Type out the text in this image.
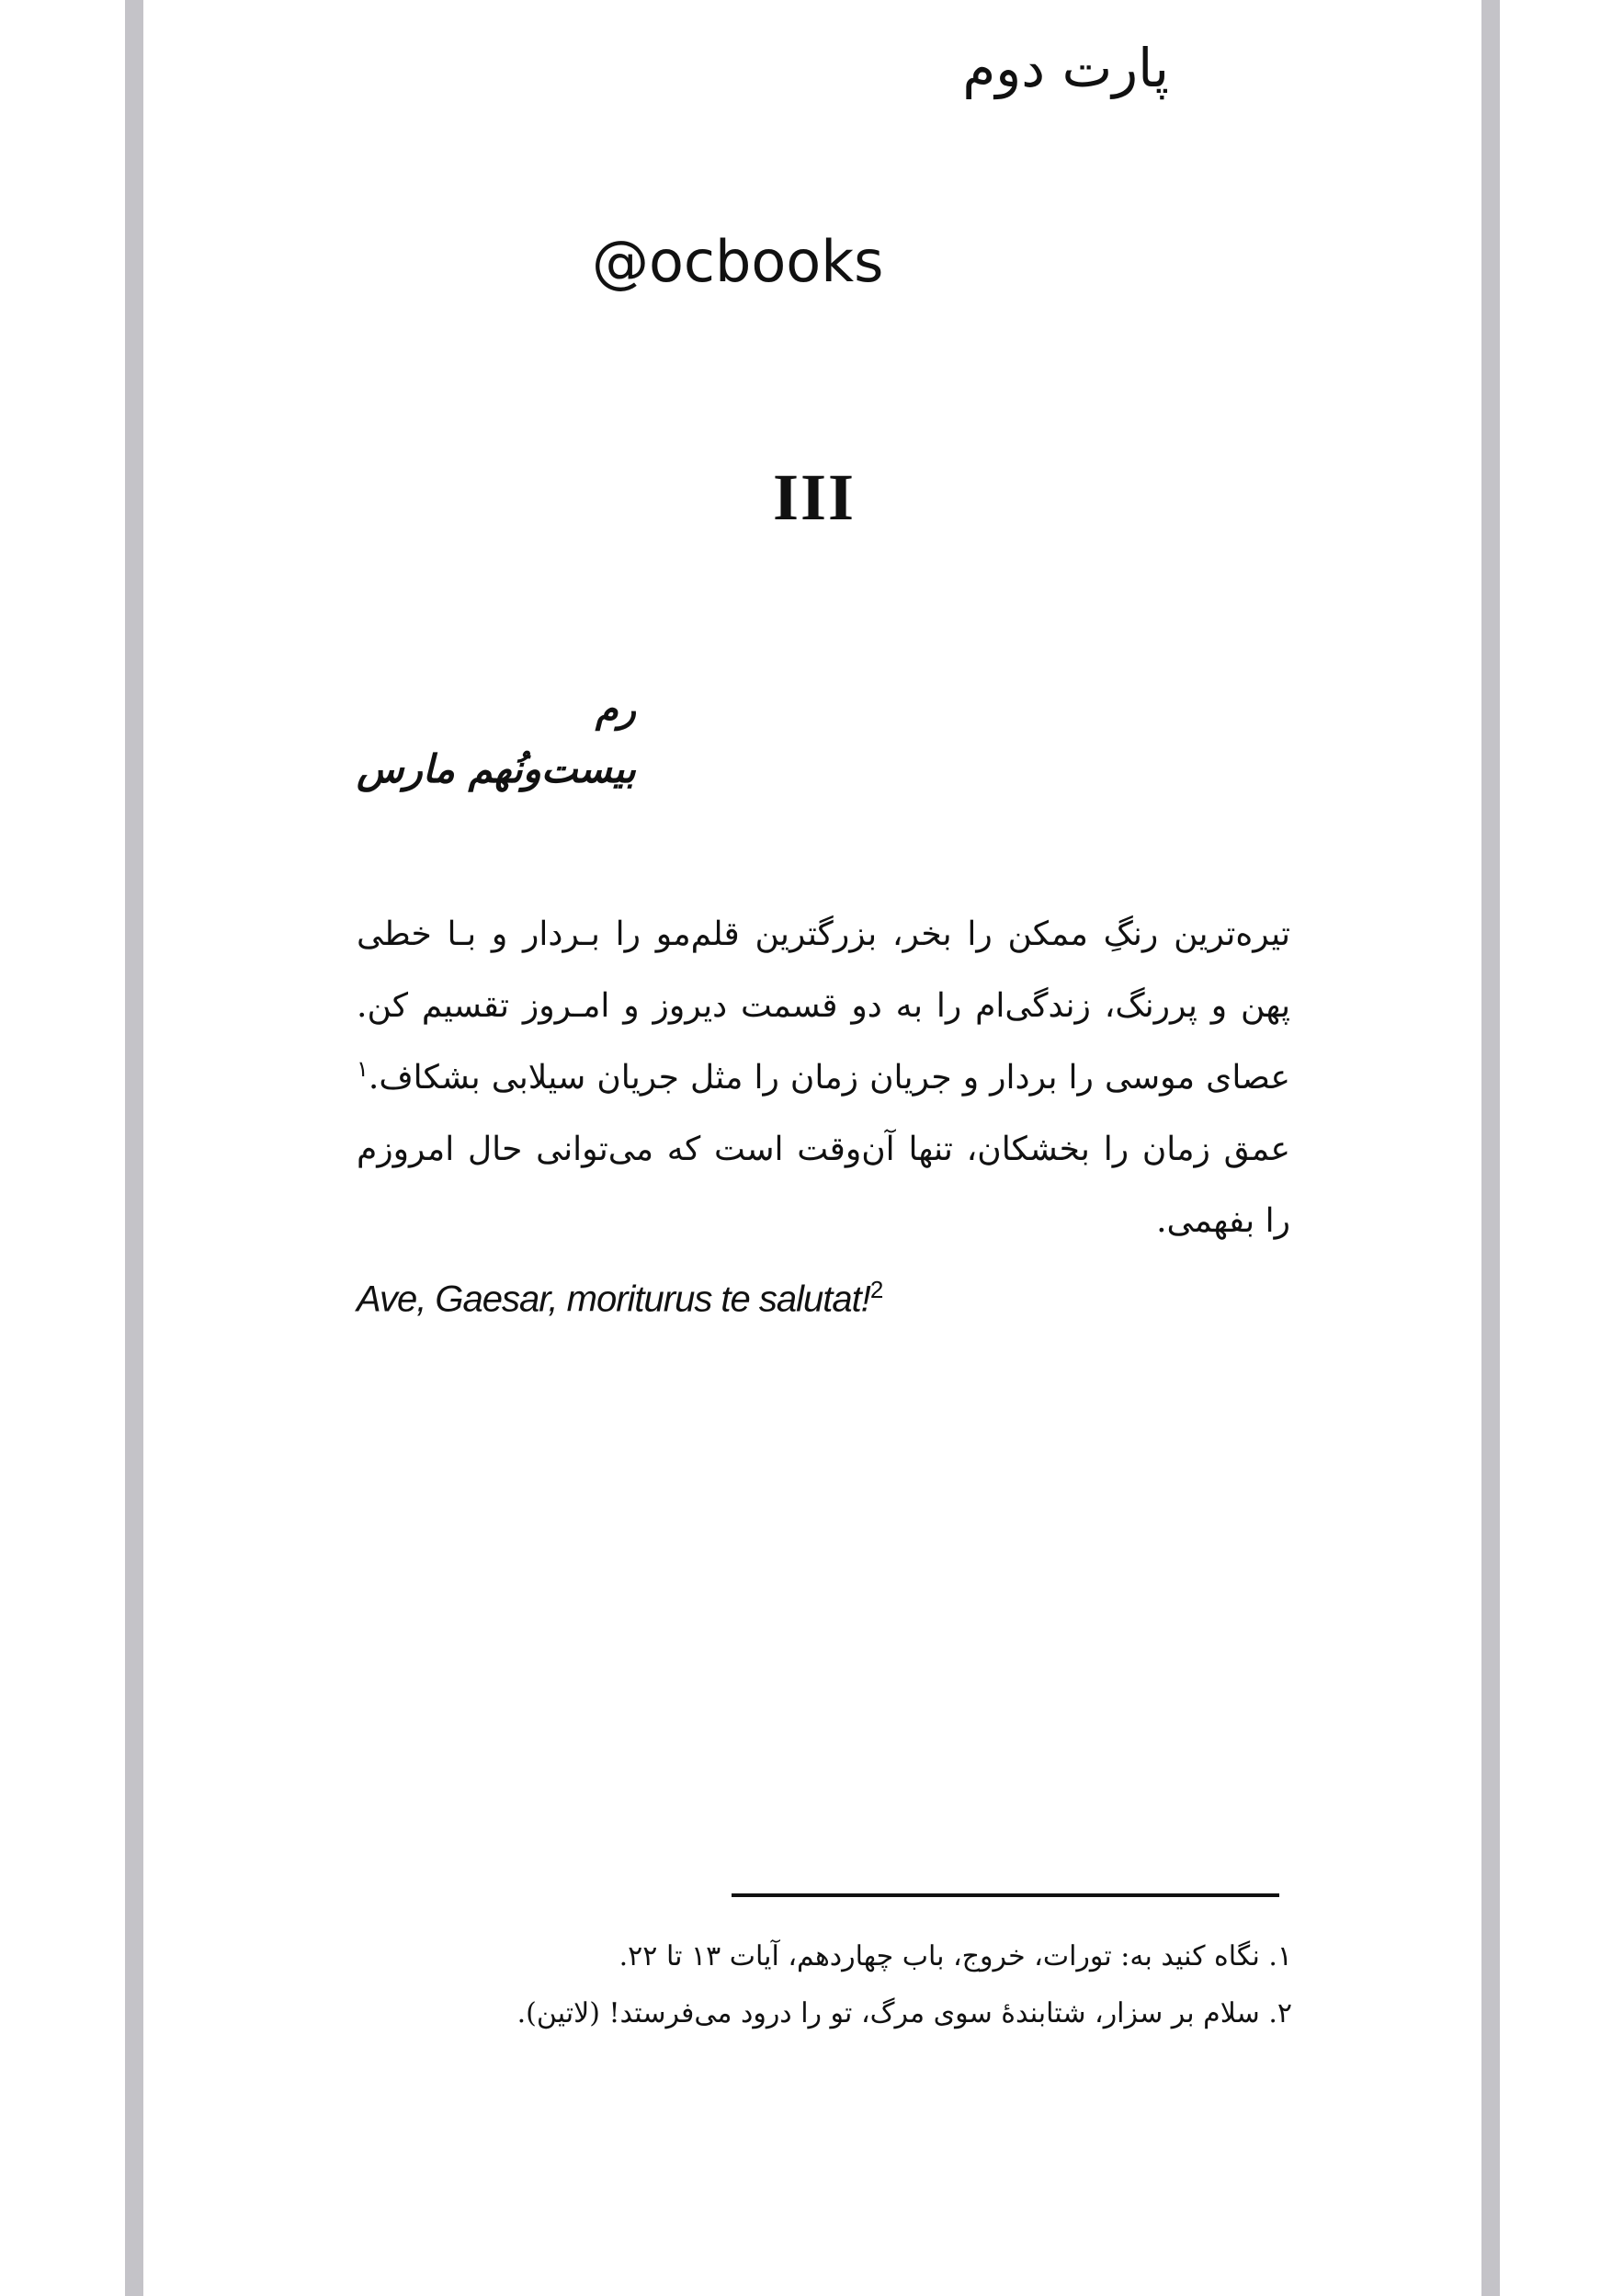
پارت دوم
@ocbooks
III
رم
بیست‌ونُهم مارس
تیره‌ترین رنگِ ممکن را بخر، بزرگترین قلم‌مو را بـردار و بـا خطی پهن و پررنگ، زندگی‌ام را به دو قسمت دیروز و امـروز تقسیم کن. عصای موسی را بردار و جریان زمان را مثل جریان سیلابی بشکاف.$^۱$ عمق زمان را بخشکان، تنها آن‌وقت است که می‌توانی حال امروزم را بفهمی.
Ave, Gaesar, moriturus te salutat!$^2$
۱. نگاه کنید به: تورات، خروج، باب چهاردهم، آیات ۱۳ تا ۲۲.
۲. سلام بر سزار، شتابندهٔ سوی مرگ، تو را درود می‌فرستد! (لاتین).
